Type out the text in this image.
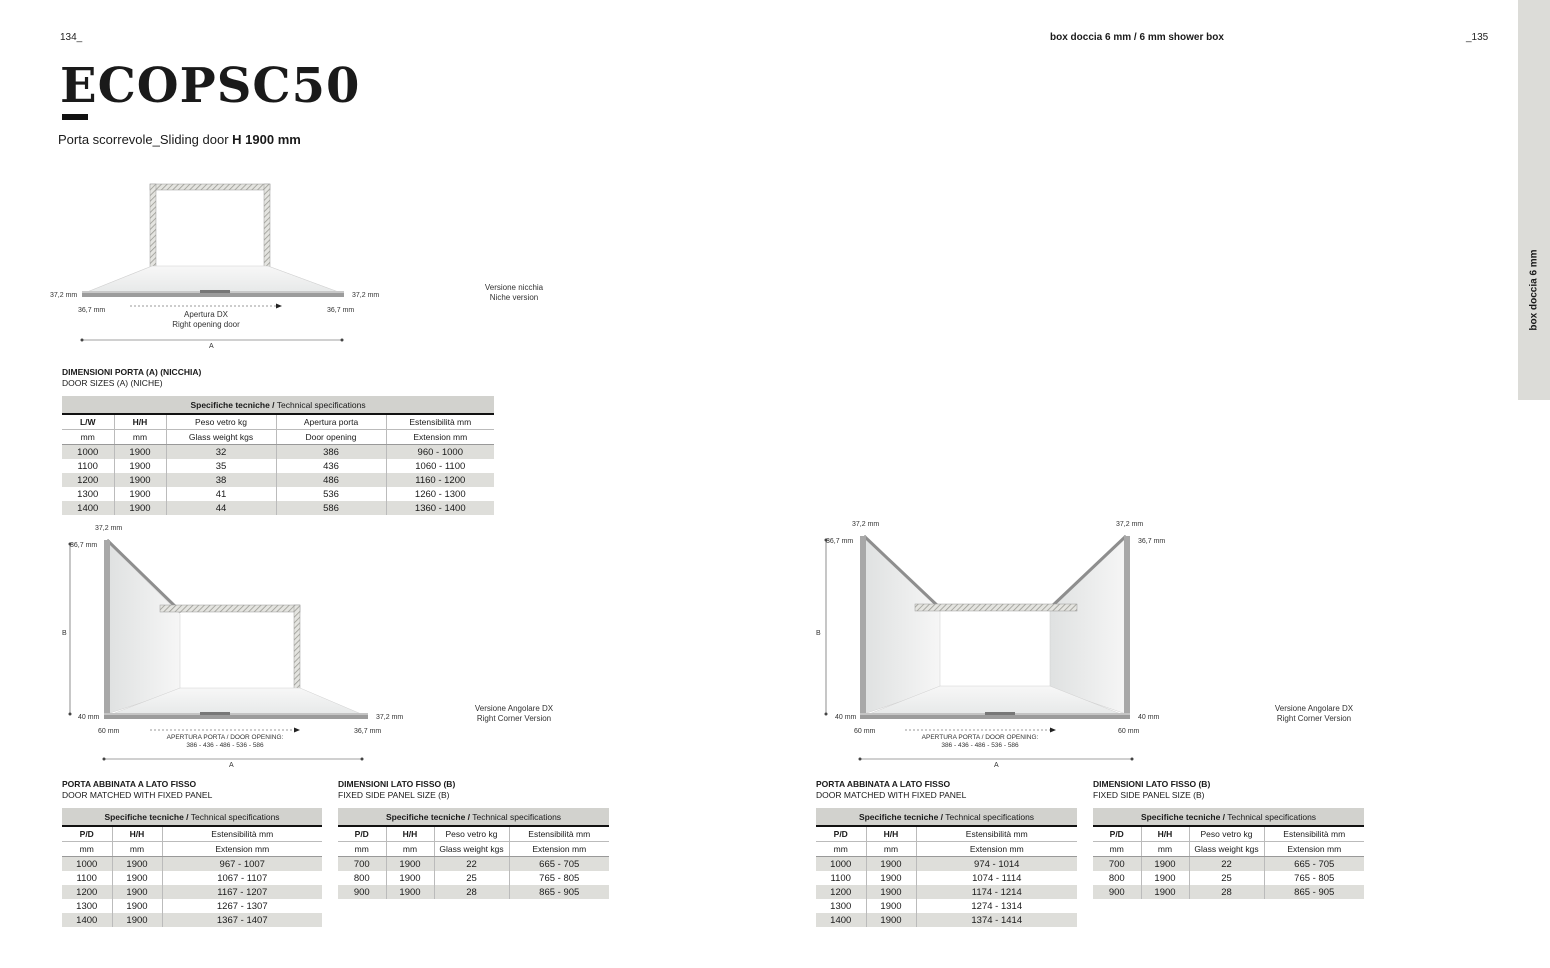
134_	box doccia 6 mm / 6 mm shower box	_135
box doccia 6 mm
ECOPSC50
Porta scorrevole_Sliding door H 1900 mm
37,2 mm	37,2 mm
36,7 mm	36,7 mm
Apertura DX
Right opening door
A
Versione nicchia
Niche version
DIMENSIONI PORTA (A) (NICCHIA)
DOOR SIZES (A) (NICHE)
Specifiche tecniche / Technical specifications				
L/W	H/H	Peso vetro kg	Apertura porta	Estensibilità mm
mm	mm	Glass weight kgs	Door opening	Extension mm
1000	1900	32	386	960 - 1000
1100	1900	35	436	1060 - 1100
1200	1900	38	486	1160 - 1200
1300	1900	41	536	1260 - 1300
1400	1900	44	586	1360 - 1400
37,2 mm
36,7 mm
B
40 mm	37,2 mm
60 mm	36,7 mm
APERTURA PORTA / DOOR OPENING:
386 - 436 - 486 - 536 - 586
A
Versione Angolare DX
Right Corner Version
37,2 mm	37,2 mm
36,7 mm	36,7 mm
B
40 mm	40 mm
60 mm	60 mm
APERTURA PORTA / DOOR OPENING:
386 - 436 - 486 - 536 - 586
A
Versione Angolare DX
Right Corner Version
PORTA ABBINATA A LATO FISSO
DOOR MATCHED WITH FIXED PANEL
Specifiche tecniche / Technical specifications		
P/D	H/H	Estensibilità mm
mm	mm	Extension mm
1000	1900	967 - 1007
1100	1900	1067 - 1107
1200	1900	1167 - 1207
1300	1900	1267 - 1307
1400	1900	1367 - 1407
DIMENSIONI LATO FISSO (B)
FIXED SIDE PANEL SIZE (B)
Specifiche tecniche / Technical specifications			
P/D	H/H	Peso vetro kg	Estensibilità mm
mm	mm	Glass weight kgs	Extension mm
700	1900	22	665 - 705
800	1900	25	765 - 805
900	1900	28	865 - 905
PORTA ABBINATA A LATO FISSO
DOOR MATCHED WITH FIXED PANEL
Specifiche tecniche / Technical specifications		
P/D	H/H	Estensibilità mm
mm	mm	Extension mm
1000	1900	974 - 1014
1100	1900	1074 - 1114
1200	1900	1174 - 1214
1300	1900	1274 - 1314
1400	1900	1374 - 1414
DIMENSIONI LATO FISSO (B)
FIXED SIDE PANEL SIZE (B)
Specifiche tecniche / Technical specifications			
P/D	H/H	Peso vetro kg	Estensibilità mm
mm	mm	Glass weight kgs	Extension mm
700	1900	22	665 - 705
800	1900	25	765 - 805
900	1900	28	865 - 905
